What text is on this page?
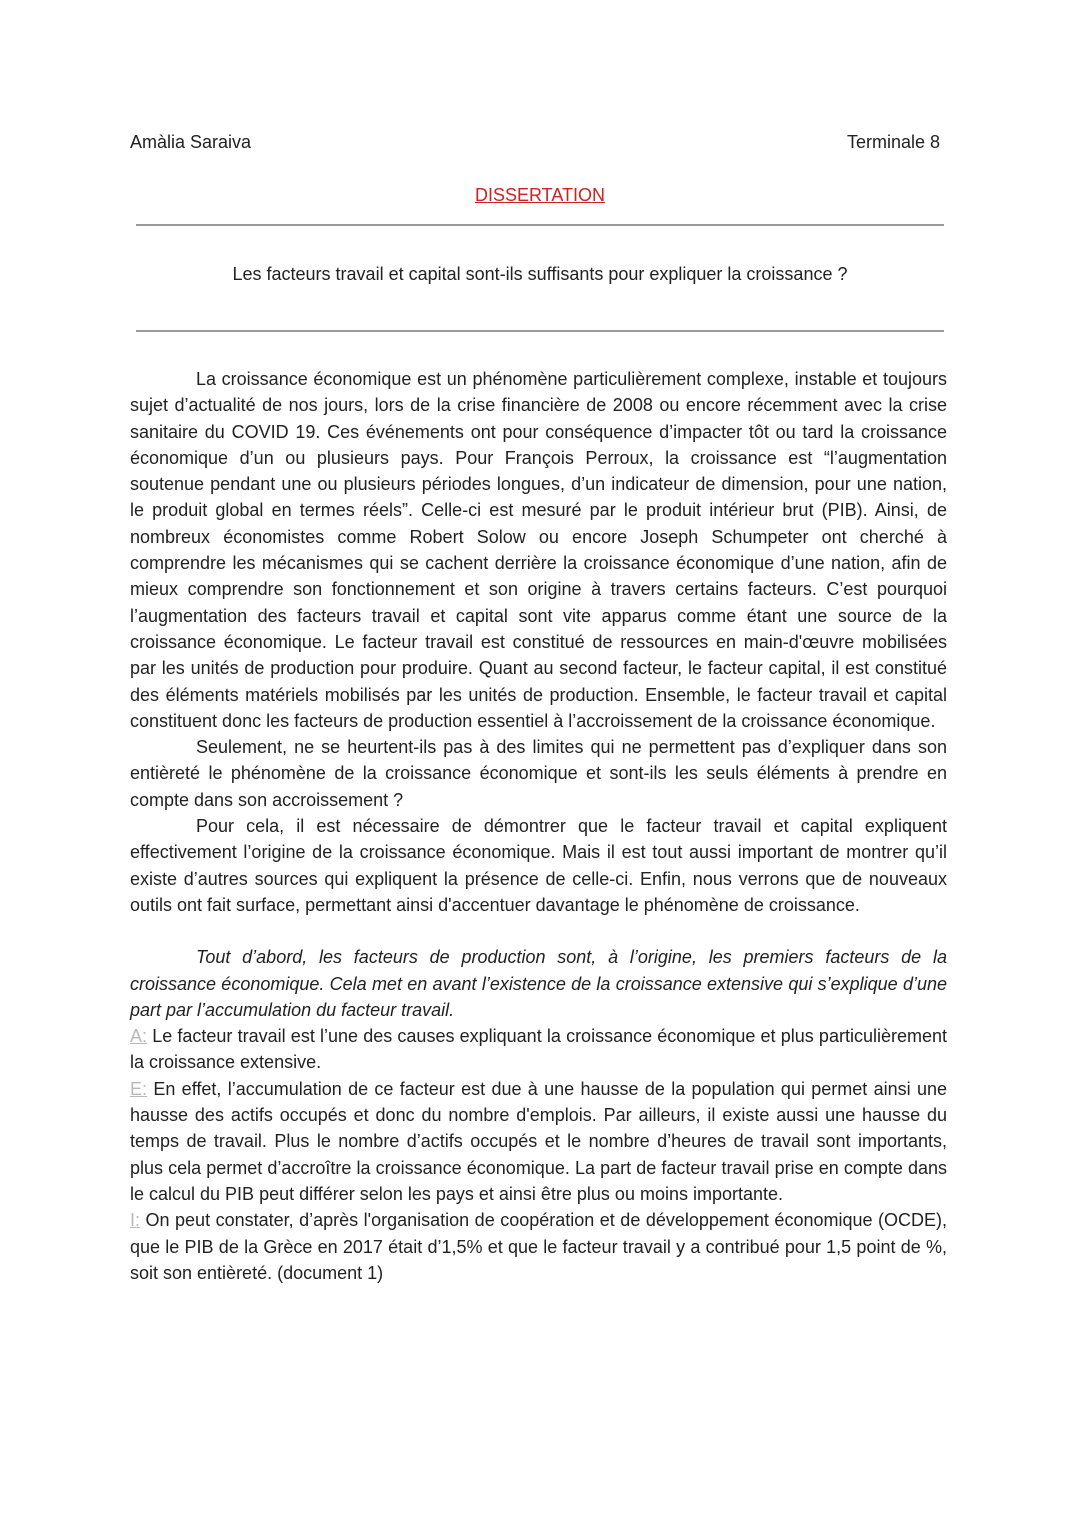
Amàlia Saraiva	Terminale 8
DISSERTATION
Les facteurs travail et capital sont-ils suffisants pour expliquer la croissance ?

La croissance économique est un phénomène particulièrement complexe, instable et toujours sujet d’actualité de nos jours, lors de la crise financière de 2008 ou encore récemment avec la crise sanitaire du COVID 19. Ces événements ont pour conséquence d’impacter tôt ou tard la croissance économique d’un ou plusieurs pays. Pour François Perroux, la croissance est “l’augmentation soutenue pendant une ou plusieurs périodes longues, d’un indicateur de dimension, pour une nation, le produit global en termes réels”. Celle-ci est mesuré par le produit intérieur brut (PIB). Ainsi, de nombreux économistes comme Robert Solow ou encore Joseph Schumpeter ont cherché à comprendre les mécanismes qui se cachent derrière la croissance économique d’une nation, afin de mieux comprendre son fonctionnement et son origine à travers certains facteurs. C’est pourquoi l’augmentation des facteurs travail et capital sont vite apparus comme étant une source de la croissance économique. Le facteur travail est constitué de ressources en main-d'œuvre mobilisées par les unités de production pour produire. Quant au second facteur, le facteur capital, il est constitué des éléments matériels mobilisés par les unités de production. Ensemble, le facteur travail et capital constituent donc les facteurs de production essentiel à l’accroissement de la croissance économique.

Seulement, ne se heurtent-ils pas à des limites qui ne permettent pas d’expliquer dans son entièreté le phénomène de la croissance économique et sont-ils les seuls éléments à prendre en compte dans son accroissement ?

Pour cela, il est nécessaire de démontrer que le facteur travail et capital expliquent effectivement l’origine de la croissance économique. Mais il est tout aussi important de montrer qu’il existe d’autres sources qui expliquent la présence de celle-ci. Enfin, nous verrons que de nouveaux outils ont fait surface, permettant ainsi d'accentuer davantage le phénomène de croissance.

Tout d’abord, les facteurs de production sont, à l’origine, les premiers facteurs de la croissance économique. Cela met en avant l’existence de la croissance extensive qui s’explique d’une part par l’accumulation du facteur travail.

A: Le facteur travail est l’une des causes expliquant la croissance économique et plus particulièrement la croissance extensive.

E: En effet, l’accumulation de ce facteur est due à une hausse de la population qui permet ainsi une hausse des actifs occupés et donc du nombre d'emplois. Par ailleurs, il existe aussi une hausse du temps de travail. Plus le nombre d’actifs occupés et le nombre d’heures de travail sont importants, plus cela permet d’accroître la croissance économique. La part de facteur travail prise en compte dans le calcul du PIB peut différer selon les pays et ainsi être plus ou moins importante.

I: On peut constater, d’après l'organisation de coopération et de développement économique (OCDE), que le PIB de la Grèce en 2017 était d’1,5% et que le facteur travail y a contribué pour 1,5 point de %, soit son entièreté. (document 1)
